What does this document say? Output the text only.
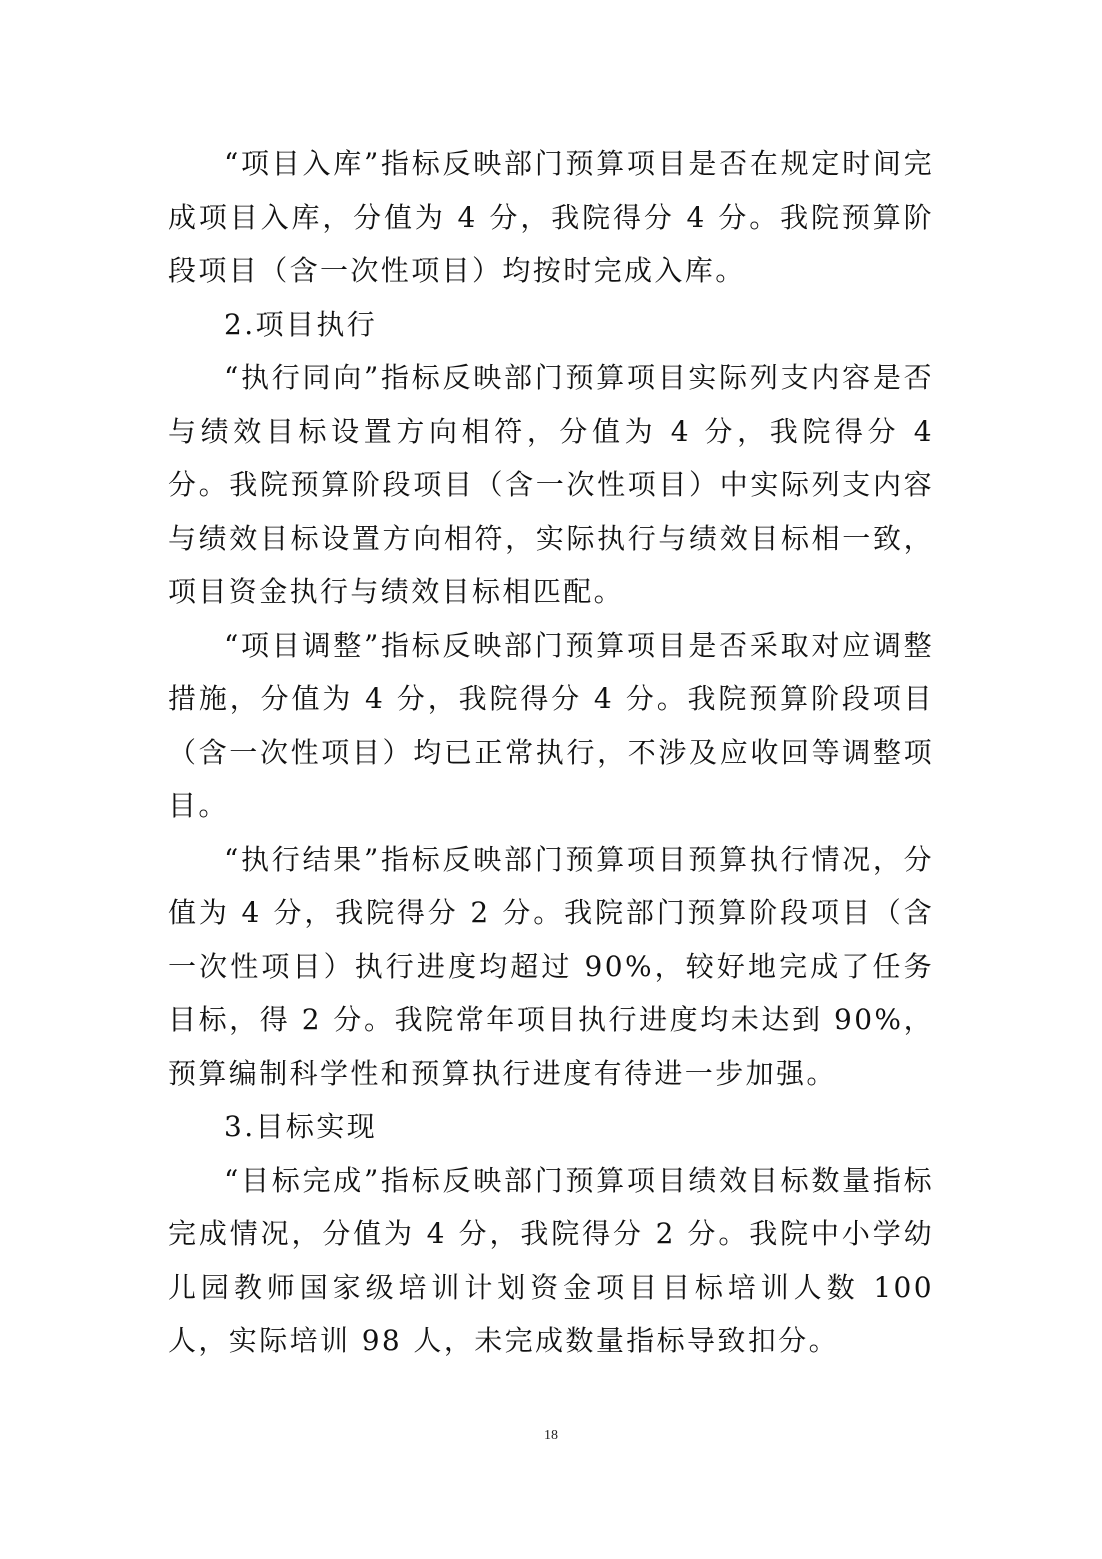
“项目入库”指标反映部门预算项目是否在规定时间完成项目入库，分值为 4 分，我院得分 4 分。我院预算阶段项目（含一次性项目）均按时完成入库。

2.项目执行

“执行同向”指标反映部门预算项目实际列支内容是否与绩效目标设置方向相符，分值为 4 分，我院得分 4 分。我院预算阶段项目（含一次性项目）中实际列支内容与绩效目标设置方向相符，实际执行与绩效目标相一致，项目资金执行与绩效目标相匹配。

“项目调整”指标反映部门预算项目是否采取对应调整措施，分值为 4 分，我院得分 4 分。我院预算阶段项目（含一次性项目）均已正常执行，不涉及应收回等调整项目。

“执行结果”指标反映部门预算项目预算执行情况，分值为 4 分，我院得分 2 分。我院部门预算阶段项目（含一次性项目）执行进度均超过 90%，较好地完成了任务目标，得 2 分。我院常年项目执行进度均未达到 90%，预算编制科学性和预算执行进度有待进一步加强。

3.目标实现

“目标完成”指标反映部门预算项目绩效目标数量指标完成情况，分值为 4 分，我院得分 2 分。我院中小学幼儿园教师国家级培训计划资金项目目标培训人数 100 人，实际培训 98 人，未完成数量指标导致扣分。

18
